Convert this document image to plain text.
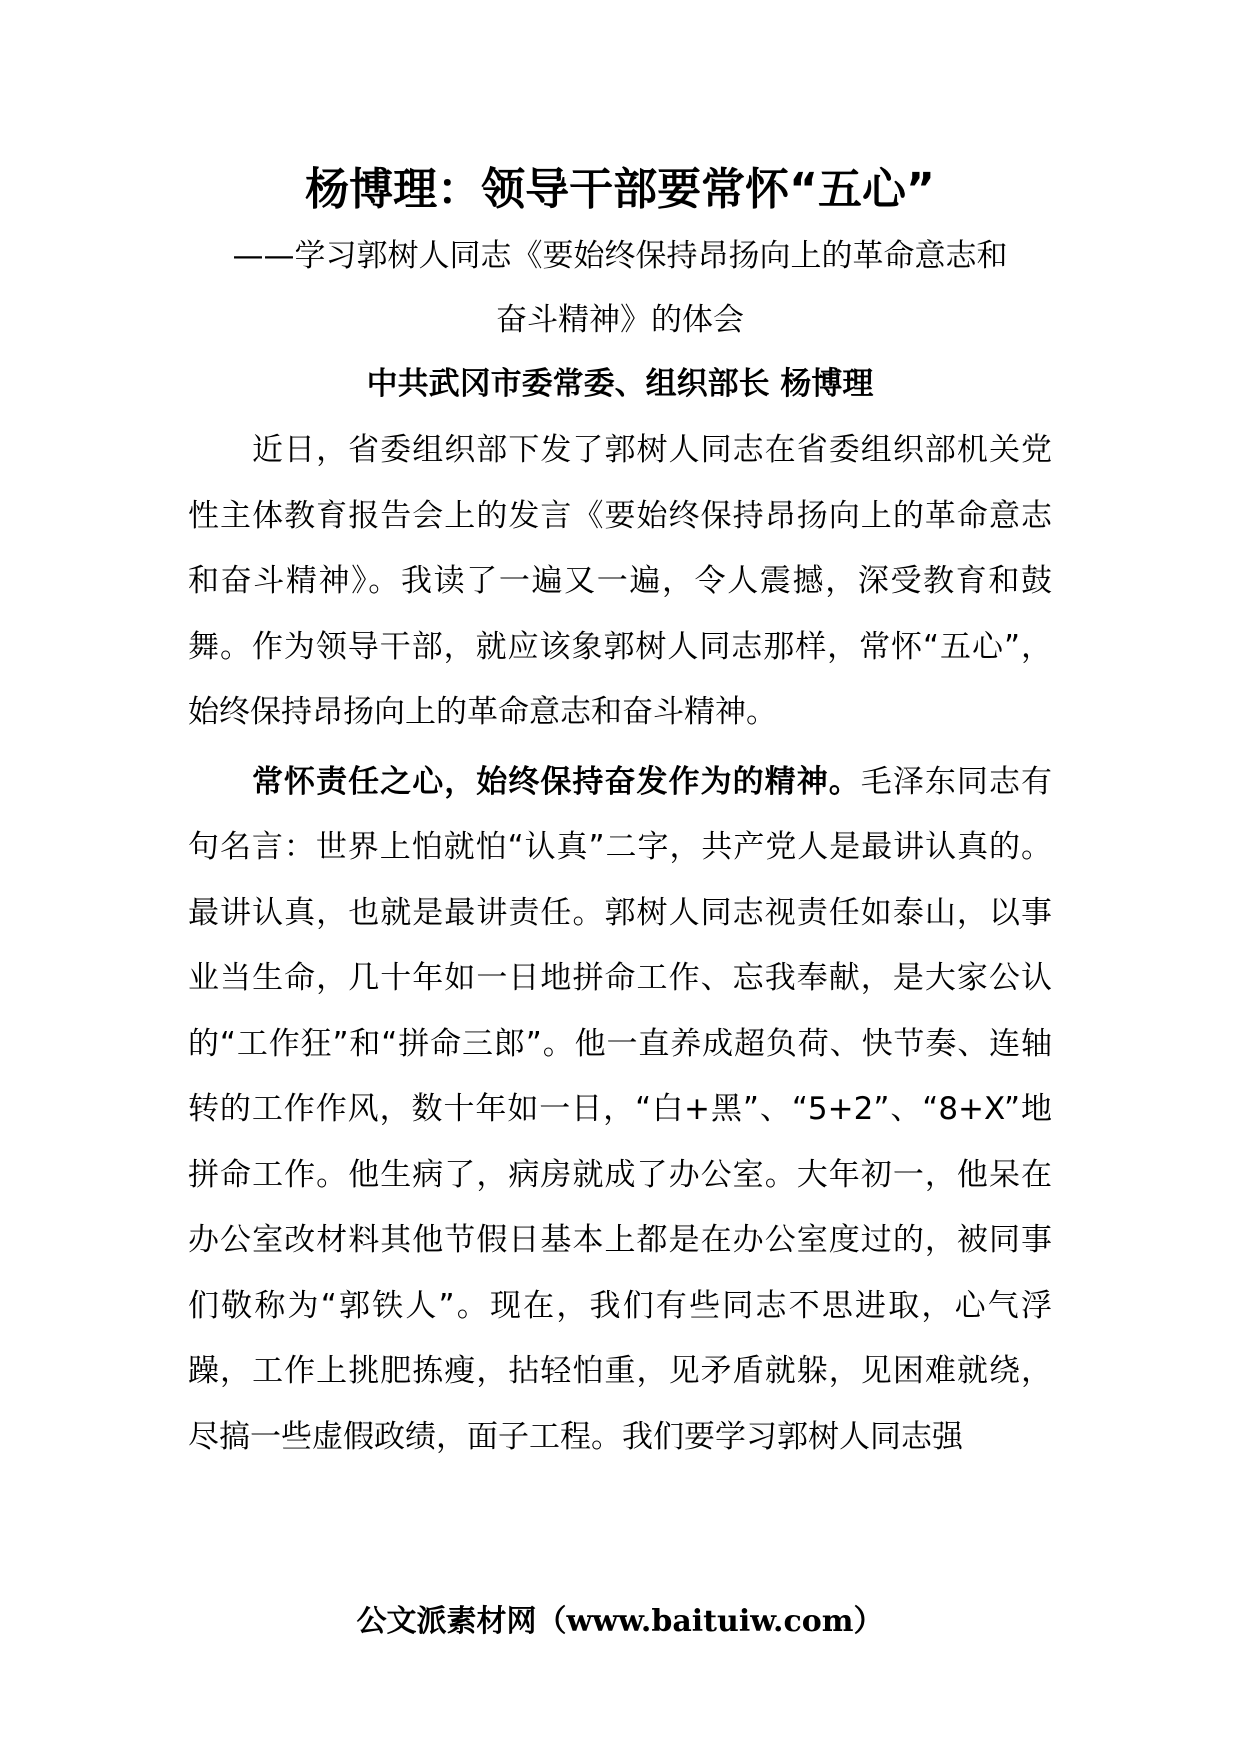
杨博理：领导干部要常怀“五心”

——学习郭树人同志《要始终保持昂扬向上的革命意志和

奋斗精神》的体会

中共武冈市委常委、组织部长 杨博理

近日，省委组织部下发了郭树人同志在省委组织部机关党性主体教育报告会上的发言《要始终保持昂扬向上的革命意志和奋斗精神》。我读了一遍又一遍，令人震撼，深受教育和鼓舞。作为领导干部，就应该象郭树人同志那样，常怀“五心”，始终保持昂扬向上的革命意志和奋斗精神。

常怀责任之心，始终保持奋发作为的精神。毛泽东同志有句名言：世界上怕就怕“认真”二字，共产党人是最讲认真的。最讲认真，也就是最讲责任。郭树人同志视责任如泰山，以事业当生命，几十年如一日地拼命工作、忘我奉献，是大家公认的“工作狂”和“拼命三郎”。他一直养成超负荷、快节奏、连轴转的工作作风，数十年如一日，“白+黑”、“5+2”、“8+X”地拼命工作。他生病了，病房就成了办公室。大年初一，他呆在办公室改材料其他节假日基本上都是在办公室度过的，被同事们敬称为“郭铁人”。现在，我们有些同志不思进取，心气浮躁，工作上挑肥拣瘦，拈轻怕重，见矛盾就躲，见困难就绕，尽搞一些虚假政绩，面子工程。我们要学习郭树人同志强

公文派素材网（www.baituiw.com）
